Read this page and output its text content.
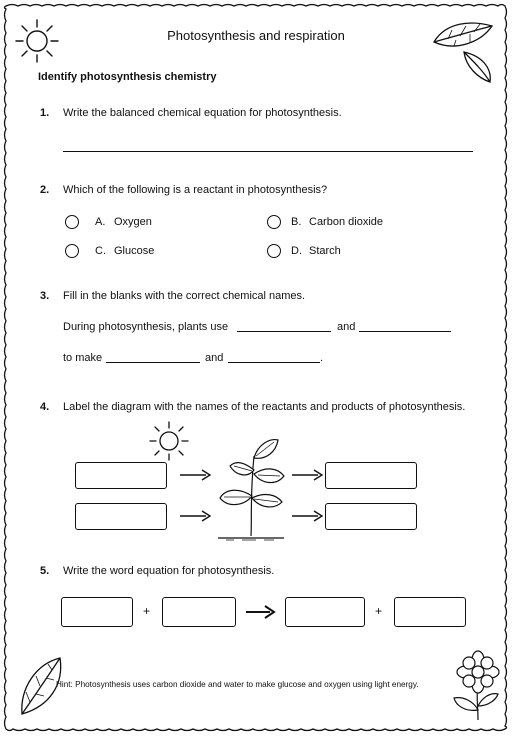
Photosynthesis and respiration
Identify photosynthesis chemistry
1. Write the balanced chemical equation for photosynthesis.
2. Which of the following is a reactant in photosynthesis?
A. Oxygen	B. Carbon dioxide
C. Glucose	D. Starch
3. Fill in the blanks with the correct chemical names.
During photosynthesis, plants use	and
to make	and	.
4. Label the diagram with the names of the reactants and products of photosynthesis.
5. Write the word equation for photosynthesis.
+	+
Hint: Photosynthesis uses carbon dioxide and water to make glucose and oxygen using light energy.
